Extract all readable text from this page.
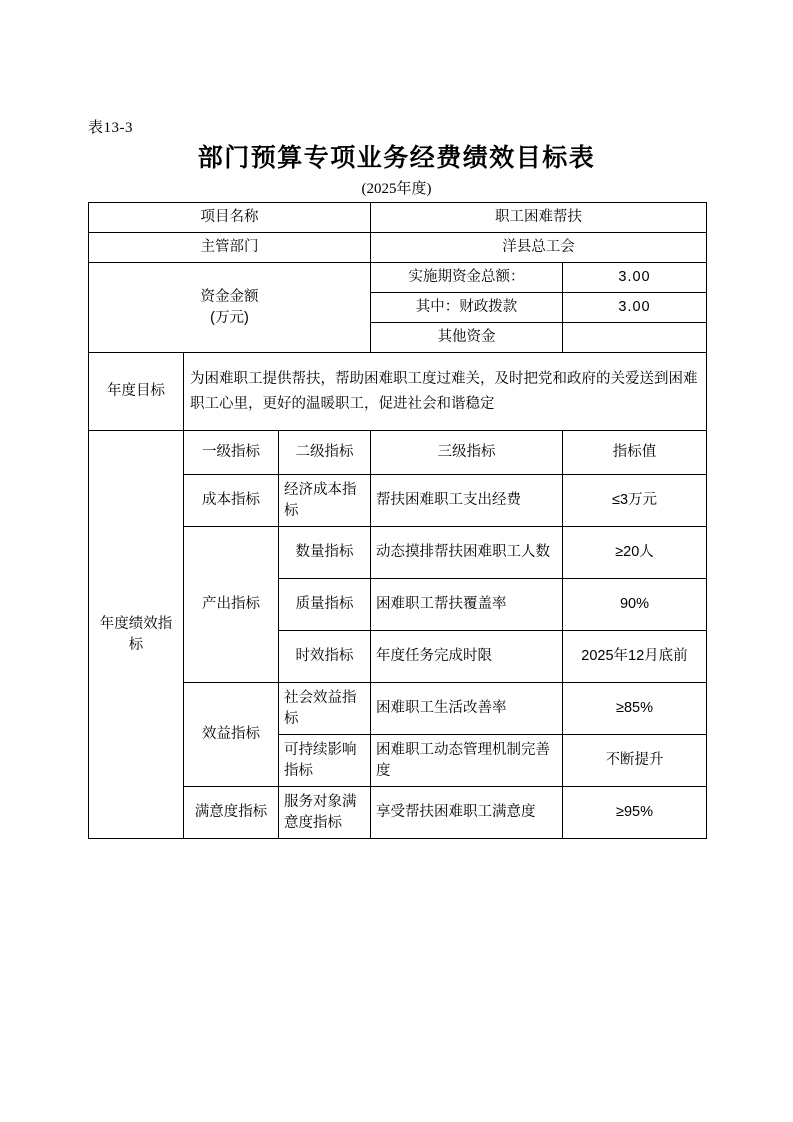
表13-3
部门预算专项业务经费绩效目标表
(2025年度)
项目名称			职工困难帮扶	
主管部门			洋县总工会	

资金金额
(万元)			实施期资金总额：	3.00
			其中：财政拨款	3.00
			其他资金	
年度目标	为困难职工提供帮扶，帮助困难职工度过难关，及时把党和政府的关爱送到困难职工心里，更好的温暖职工，促进社会和谐稳定			
年度绩效指标	一级指标	二级指标	三级指标	指标值
	成本指标	经济成本指标	帮扶困难职工支出经费	≤3万元
	产出指标	数量指标	动态摸排帮扶困难职工人数	≥20人
		质量指标	困难职工帮扶覆盖率	90%
		时效指标	年度任务完成时限	2025年12月底前
	效益指标	社会效益指标	困难职工生活改善率	≥85%
		可持续影响指标	困难职工动态管理机制完善度	不断提升
	满意度指标	服务对象满意度指标	享受帮扶困难职工满意度	≥95%
